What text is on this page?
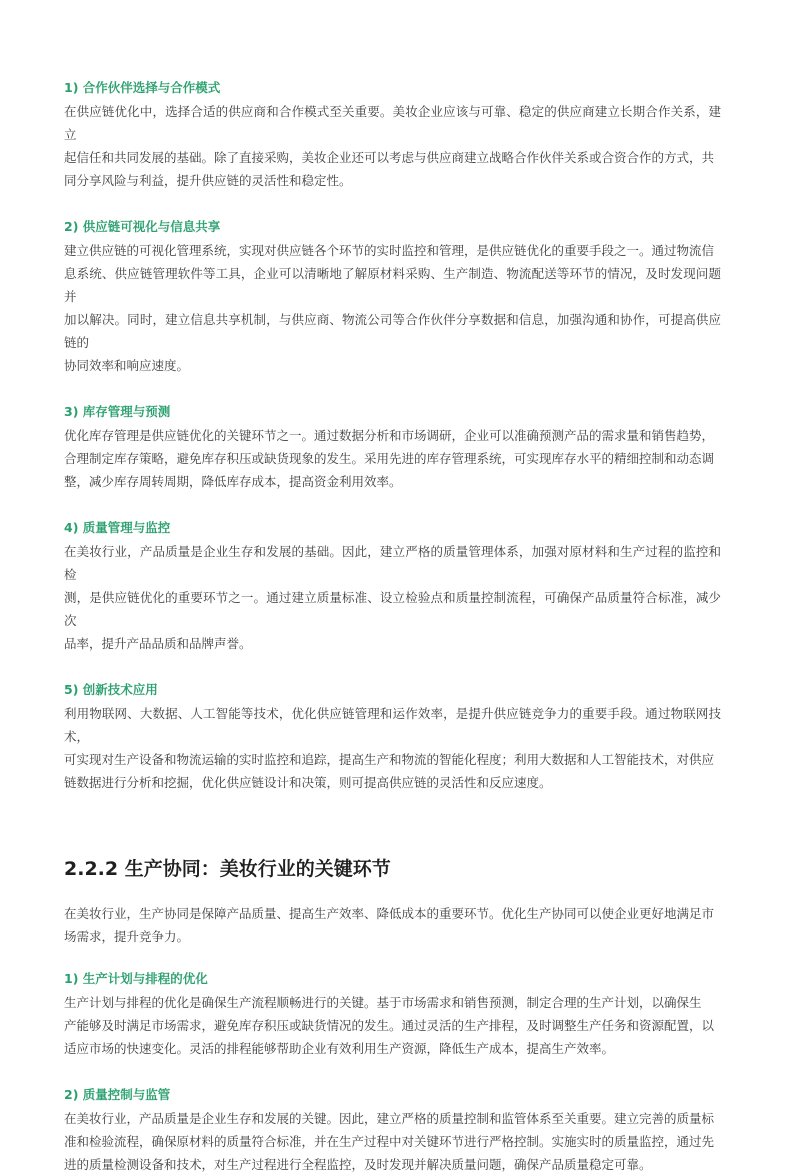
1) 合作伙伴选择与合作模式

在供应链优化中，选择合适的供应商和合作模式至关重要。美妆企业应该与可靠、稳定的供应商建立长期合作关系，建立

起信任和共同发展的基础。除了直接采购，美妆企业还可以考虑与供应商建立战略合作伙伴关系或合资合作的方式，共

同分享风险与利益，提升供应链的灵活性和稳定性。

2) 供应链可视化与信息共享

建立供应链的可视化管理系统，实现对供应链各个环节的实时监控和管理，是供应链优化的重要手段之一。通过物流信

息系统、供应链管理软件等工具，企业可以清晰地了解原材料采购、生产制造、物流配送等环节的情况，及时发现问题并

加以解决。同时，建立信息共享机制，与供应商、物流公司等合作伙伴分享数据和信息，加强沟通和协作，可提高供应链的

协同效率和响应速度。

3) 库存管理与预测

优化库存管理是供应链优化的关键环节之一。通过数据分析和市场调研，企业可以准确预测产品的需求量和销售趋势，

合理制定库存策略，避免库存积压或缺货现象的发生。采用先进的库存管理系统，可实现库存水平的精细控制和动态调

整，减少库存周转周期，降低库存成本，提高资金利用效率。

4) 质量管理与监控

在美妆行业，产品质量是企业生存和发展的基础。因此，建立严格的质量管理体系，加强对原材料和生产过程的监控和检

测，是供应链优化的重要环节之一。通过建立质量标准、设立检验点和质量控制流程，可确保产品质量符合标准，减少次

品率，提升产品品质和品牌声誉。

5) 创新技术应用

利用物联网、大数据、人工智能等技术，优化供应链管理和运作效率，是提升供应链竞争力的重要手段。通过物联网技术，

可实现对生产设备和物流运输的实时监控和追踪，提高生产和物流的智能化程度；利用大数据和人工智能技术，对供应

链数据进行分析和挖掘，优化供应链设计和决策，则可提高供应链的灵活性和反应速度。

2.2.2 生产协同：美妆行业的关键环节

在美妆行业，生产协同是保障产品质量、提高生产效率、降低成本的重要环节。优化生产协同可以使企业更好地满足市

场需求，提升竞争力。

1) 生产计划与排程的优化

生产计划与排程的优化是确保生产流程顺畅进行的关键。基于市场需求和销售预测，制定合理的生产计划，以确保生

产能够及时满足市场需求，避免库存积压或缺货情况的发生。通过灵活的生产排程，及时调整生产任务和资源配置，以

适应市场的快速变化。灵活的排程能够帮助企业有效利用生产资源，降低生产成本，提高生产效率。

2) 质量控制与监管

在美妆行业，产品质量是企业生存和发展的关键。因此，建立严格的质量控制和监管体系至关重要。建立完善的质量标

准和检验流程，确保原材料的质量符合标准，并在生产过程中对关键环节进行严格控制。实施实时的质量监控，通过先

进的质量检测设备和技术，对生产过程进行全程监控，及时发现并解决质量问题，确保产品质量稳定可靠。
